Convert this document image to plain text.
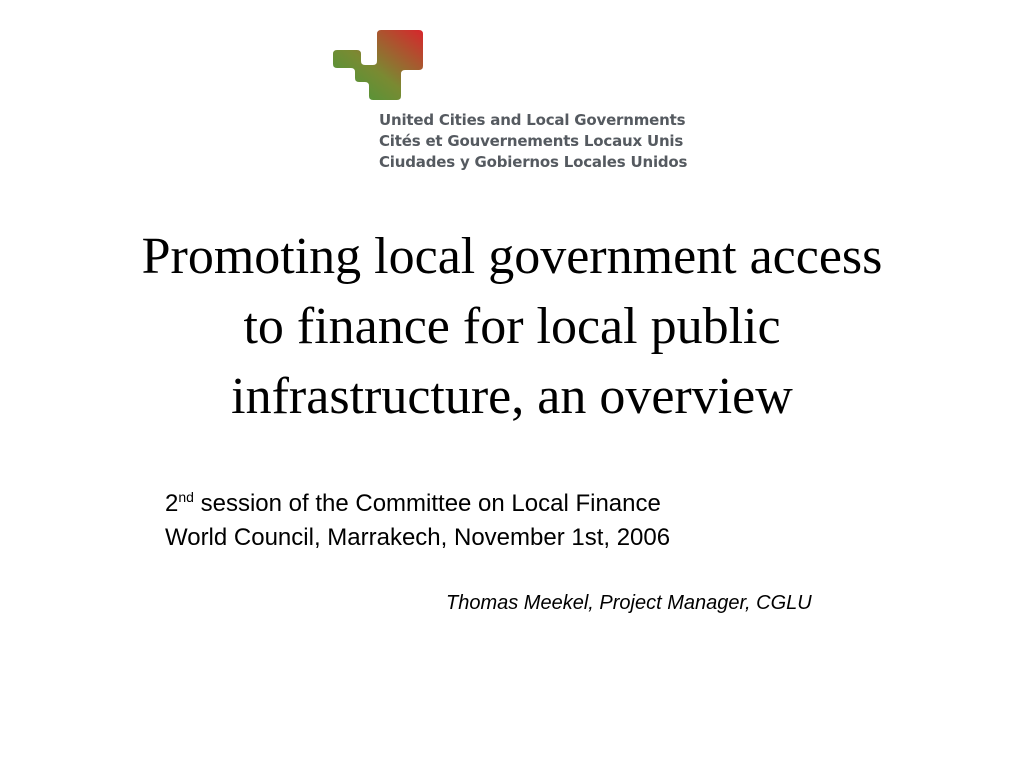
United Cities and Local Governments
Cités et Gouvernements Locaux Unis
Ciudades y Gobiernos Locales Unidos
Promoting local government access
to finance for local public
infrastructure, an overview
2nd session of the Committee on Local Finance
World Council, Marrakech, November 1st, 2006
Thomas Meekel, Project Manager, CGLU
